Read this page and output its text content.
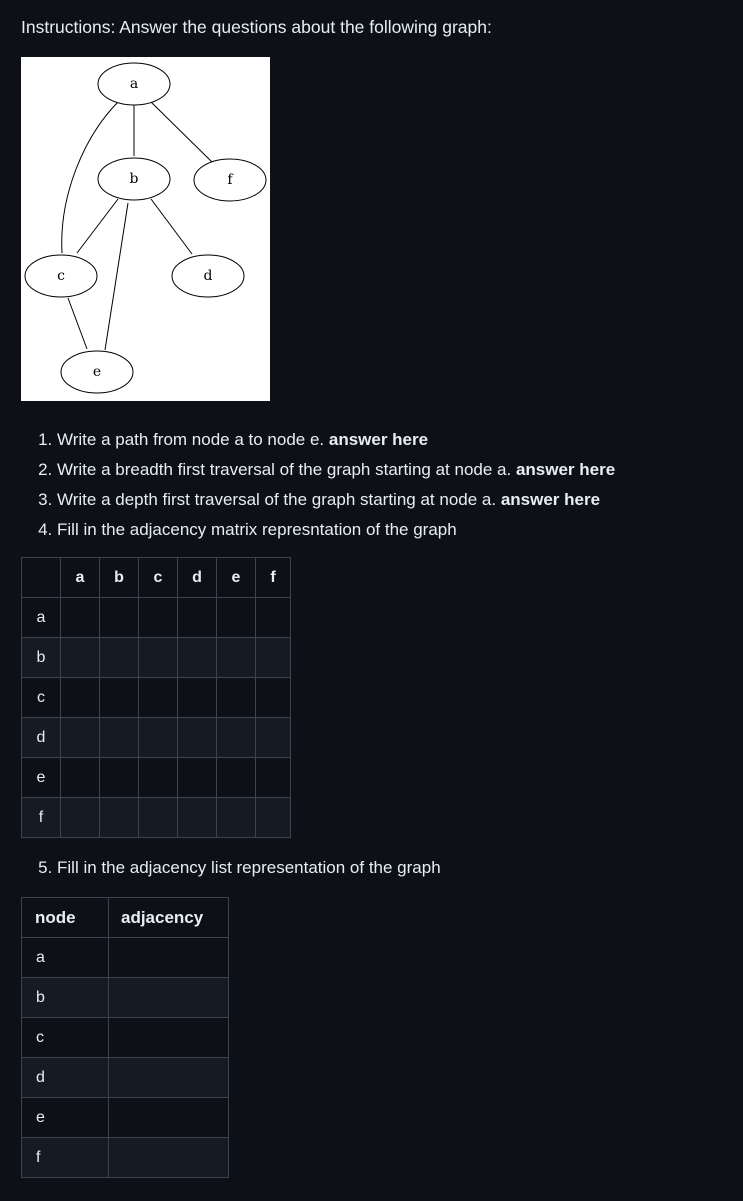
Instructions: Answer the questions about the following graph:

a
b	f
c	d
e
1. Write a path from node a to node e. answer here
2. Write a breadth first traversal of the graph starting at node a. answer here
3. Write a depth first traversal of the graph starting at node a. answer here
4. Fill in the adjacency matrix represntation of the graph
	a	b	c	d	e	f
a						
b						
c						
d						
e						
f						
5. Fill in the adjacency list representation of the graph
node	adjacency
a	
b	
c	
d	
e	
f	
